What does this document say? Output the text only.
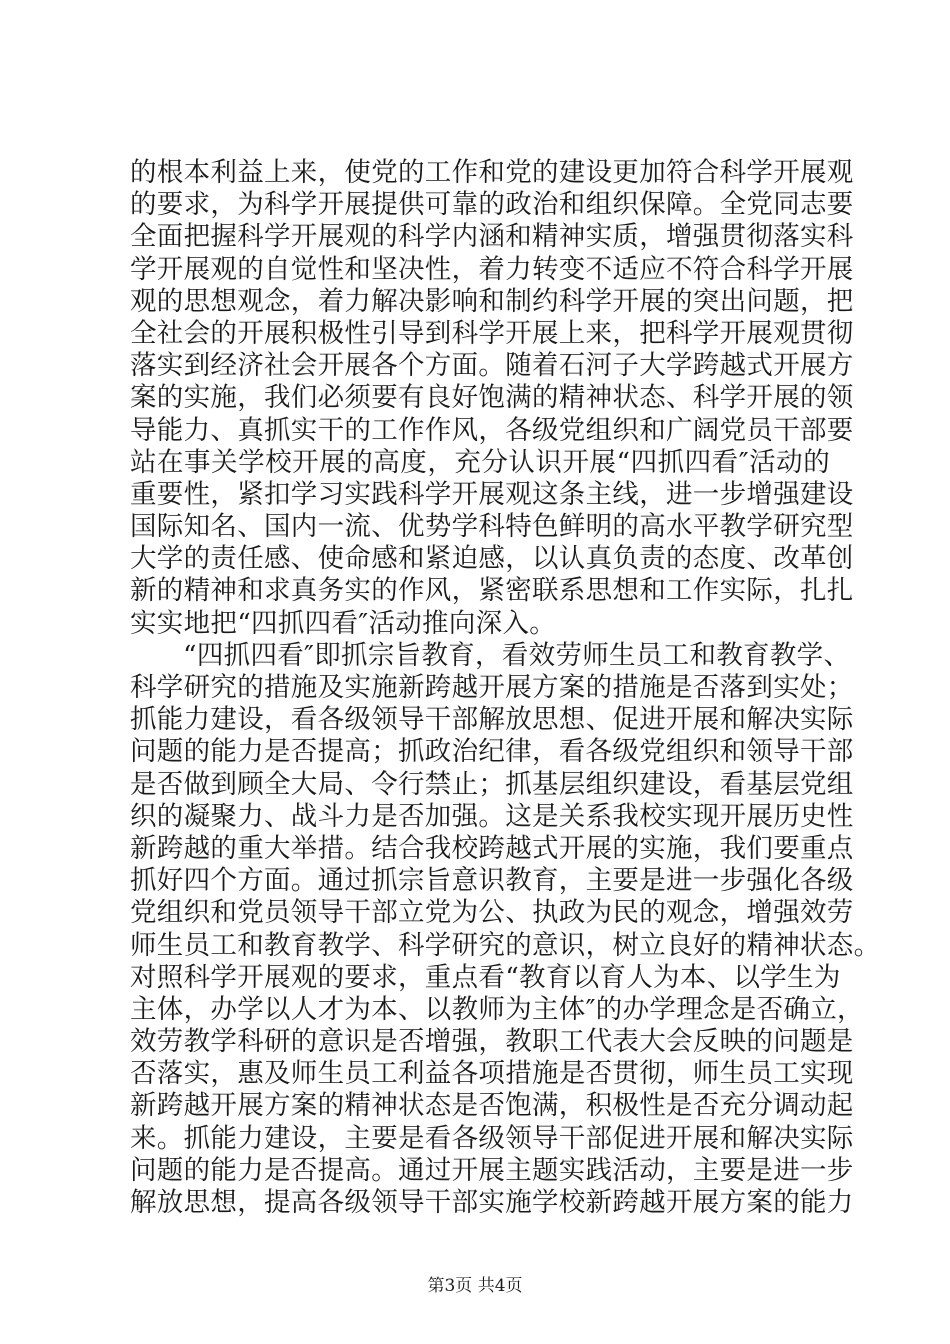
的根本利益上来，使党的工作和党的建设更加符合科学开展观
的要求，为科学开展提供可靠的政治和组织保障。全党同志要
全面把握科学开展观的科学内涵和精神实质，增强贯彻落实科
学开展观的自觉性和坚决性，着力转变不适应不符合科学开展
观的思想观念，着力解决影响和制约科学开展的突出问题，把
全社会的开展积极性引导到科学开展上来，把科学开展观贯彻
落实到经济社会开展各个方面。随着石河子大学跨越式开展方
案的实施，我们必须要有良好饱满的精神状态、科学开展的领
导能力、真抓实干的工作作风，各级党组织和广阔党员干部要
站在事关学校开展的高度，充分认识开展“四抓四看″活动的
重要性，紧扣学习实践科学开展观这条主线，进一步增强建设
国际知名、国内一流、优势学科特色鲜明的高水平教学研究型
大学的责任感、使命感和紧迫感，以认真负责的态度、改革创
新的精神和求真务实的作风，紧密联系思想和工作实际，扎扎
实实地把“四抓四看″活动推向深入。
“四抓四看″即抓宗旨教育，看效劳师生员工和教育教学、
科学研究的措施及实施新跨越开展方案的措施是否落到实处；
抓能力建设，看各级领导干部解放思想、促进开展和解决实际
问题的能力是否提高；抓政治纪律，看各级党组织和领导干部
是否做到顾全大局、令行禁止；抓基层组织建设，看基层党组
织的凝聚力、战斗力是否加强。这是关系我校实现开展历史性
新跨越的重大举措。结合我校跨越式开展的实施，我们要重点
抓好四个方面。通过抓宗旨意识教育，主要是进一步强化各级
党组织和党员领导干部立党为公、执政为民的观念，增强效劳
师生员工和教育教学、科学研究的意识，树立良好的精神状态。
对照科学开展观的要求，重点看“教育以育人为本、以学生为
主体，办学以人才为本、以教师为主体″的办学理念是否确立，
效劳教学科研的意识是否增强，教职工代表大会反映的问题是
否落实，惠及师生员工利益各项措施是否贯彻，师生员工实现
新跨越开展方案的精神状态是否饱满，积极性是否充分调动起
来。抓能力建设，主要是看各级领导干部促进开展和解决实际
问题的能力是否提高。通过开展主题实践活动，主要是进一步
解放思想，提高各级领导干部实施学校新跨越开展方案的能力
第3页 共4页
